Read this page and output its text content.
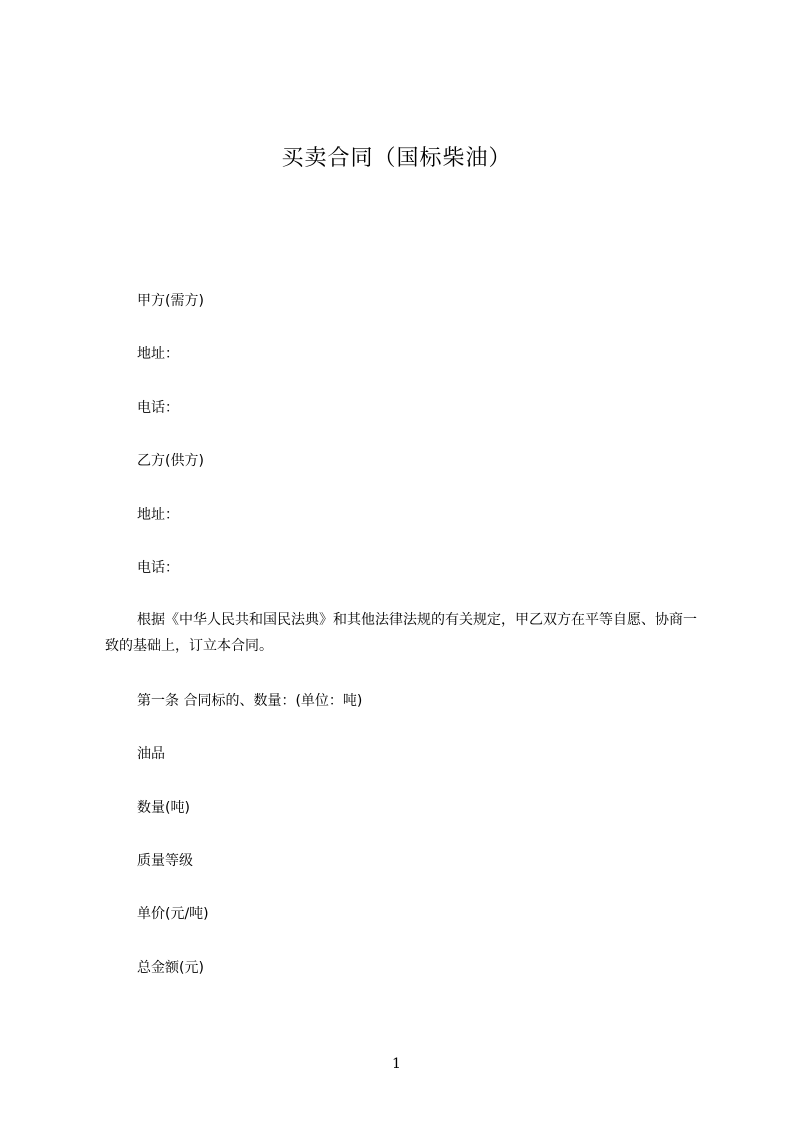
买卖合同（国标柴油）
甲方(需方)
地址：
电话：
乙方(供方)
地址：
电话：
根据《中华人民共和国民法典》和其他法律法规的有关规定，甲乙双方在平等自愿、协商一致的基础上，订立本合同。
第一条 合同标的、数量：(单位：吨)
油品
数量(吨)
质量等级
单价(元/吨)
总金额(元)
1
